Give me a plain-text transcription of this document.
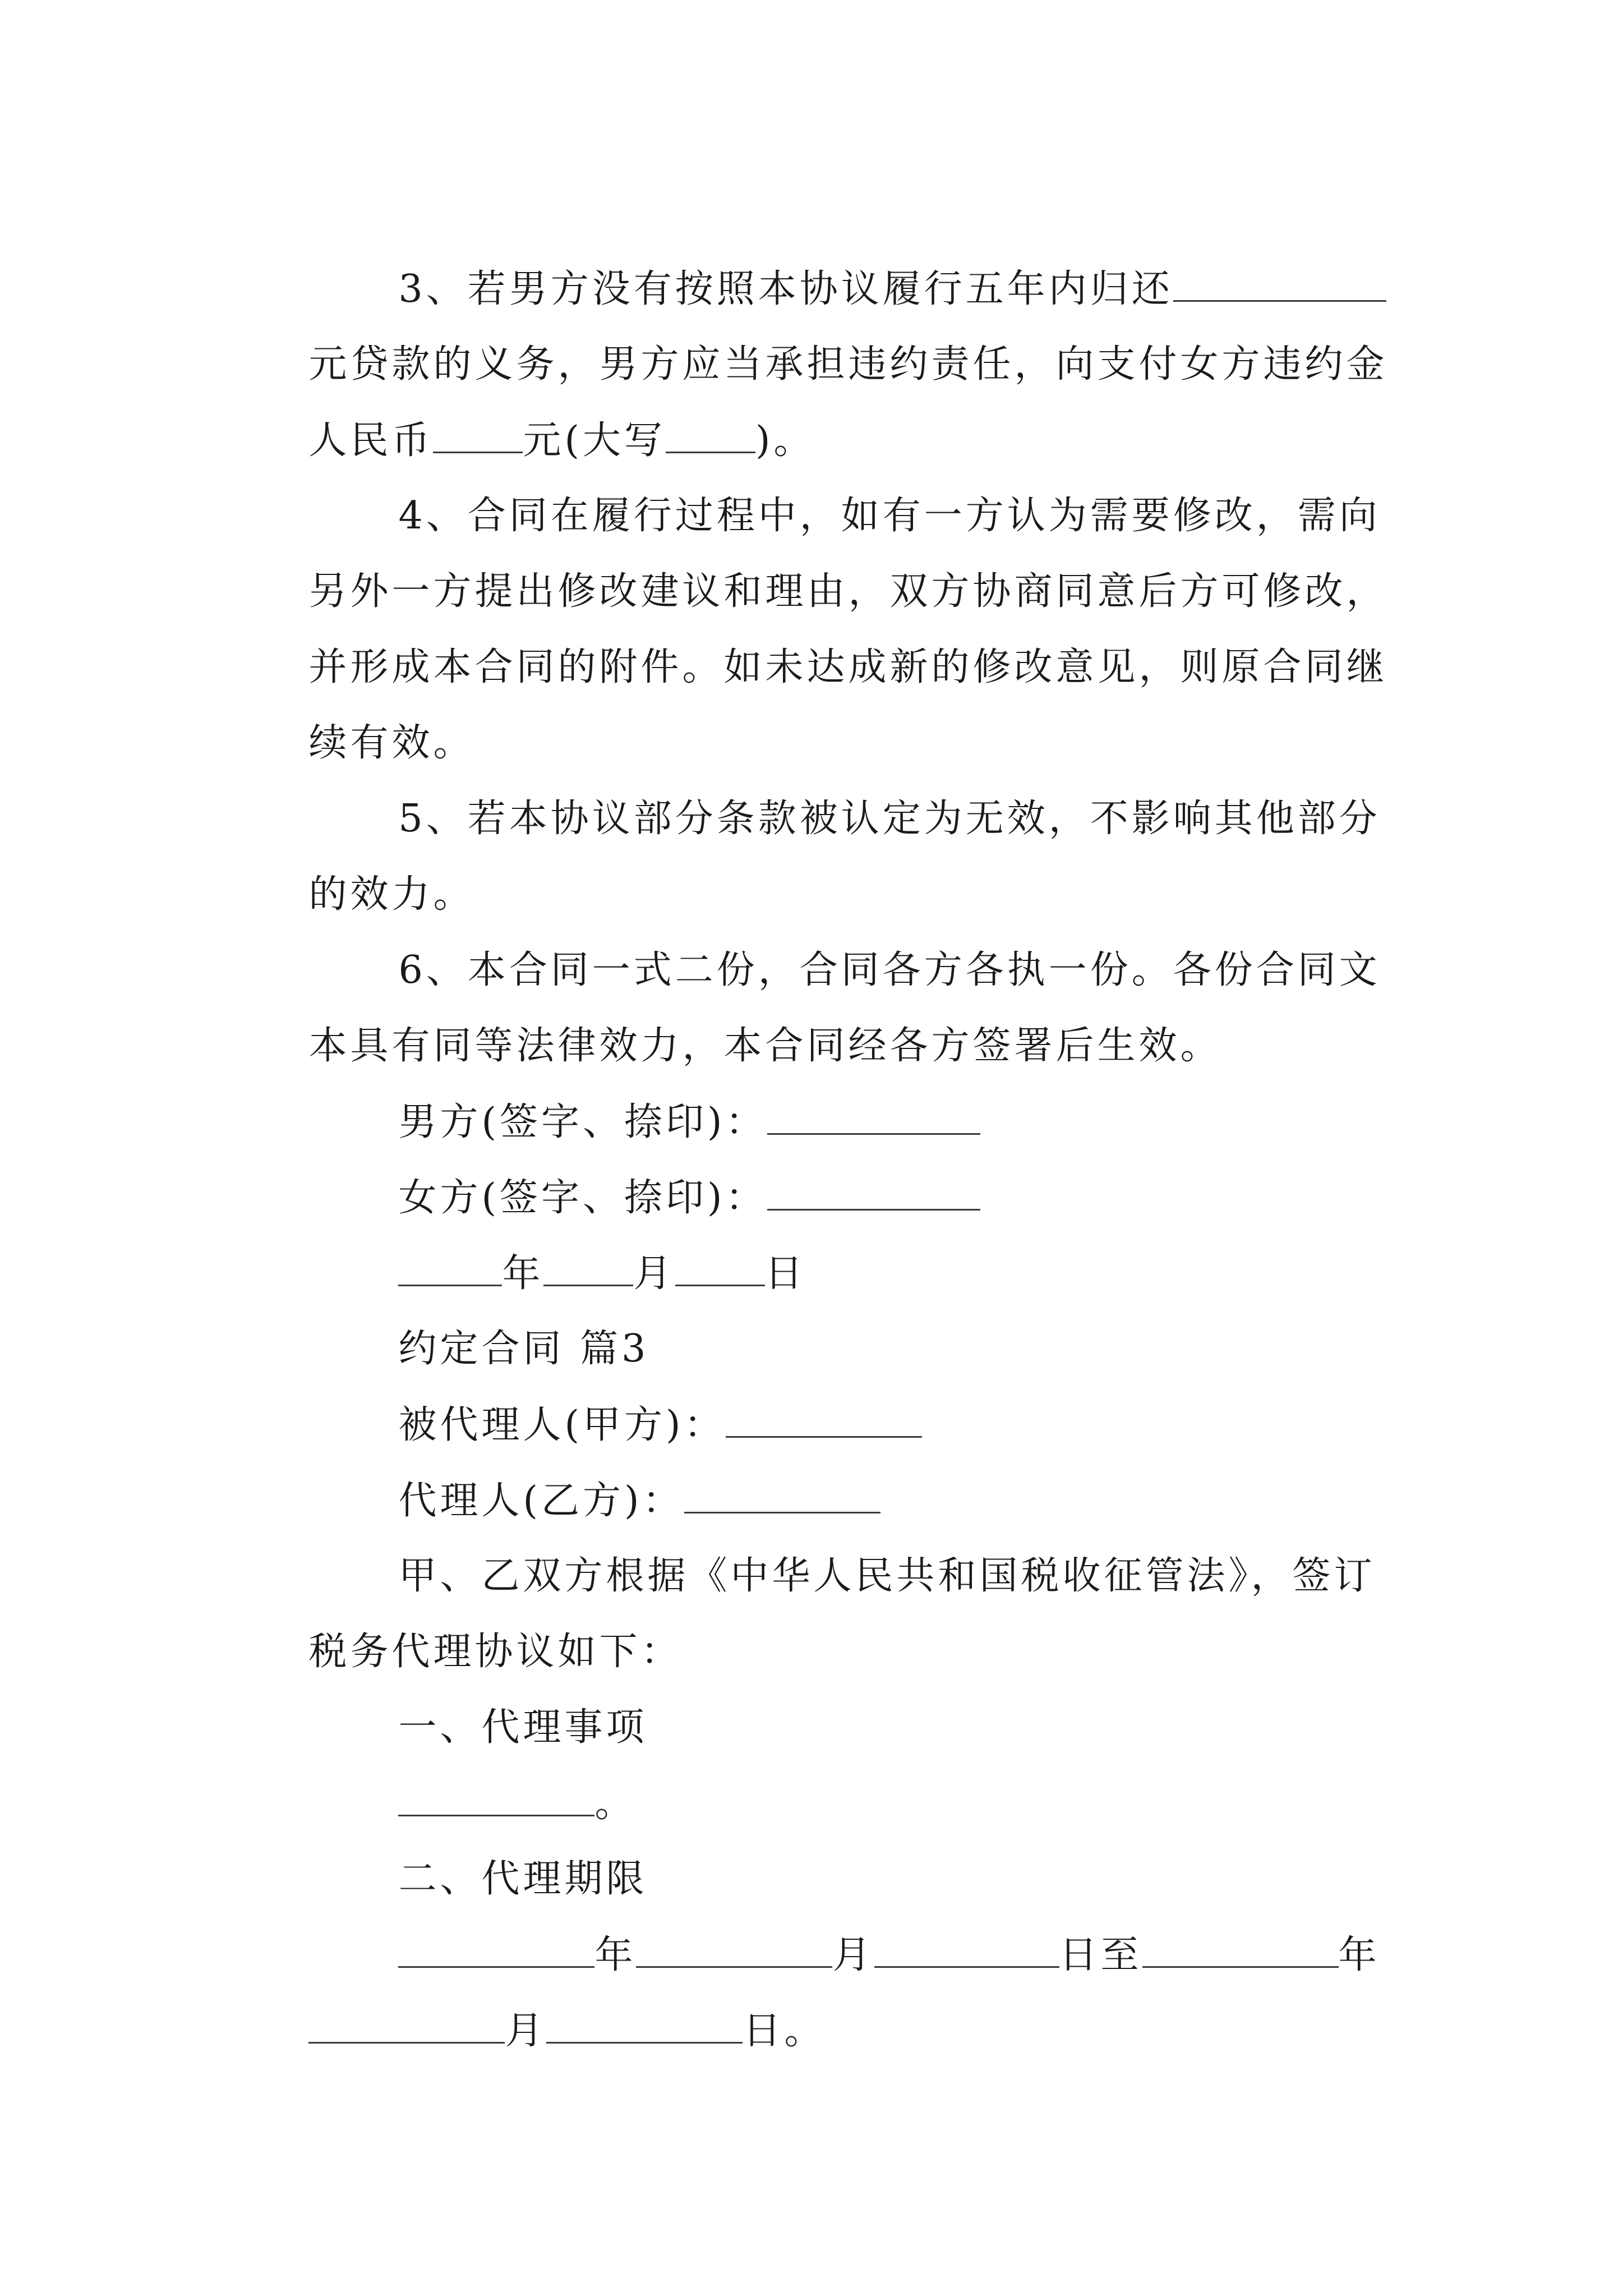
3、若男方没有按照本协议履行五年内归还

元贷款的义务，男方应当承担违约责任，向支付女方违约金

人民币 元(大写 )。

4、合同在履行过程中，如有一方认为需要修改，需向

另外一方提出修改建议和理由，双方协商同意后方可修改，

并形成本合同的附件。如未达成新的修改意见，则原合同继

续有效。

5、若本协议部分条款被认定为无效，不影响其他部分

的效力。

6、本合同一式二份，合同各方各执一份。各份合同文

本具有同等法律效力，本合同经各方签署后生效。

男方(签字、捺印)：

女方(签字、捺印)：

年 月 日

约定合同 篇3

被代理人(甲方)：

代理人(乙方)：

甲、乙双方根据《中华人民共和国税收征管法》，签订

税务代理协议如下：

一、代理事项

。

二、代理期限

年	月	日至	年

月	日。
